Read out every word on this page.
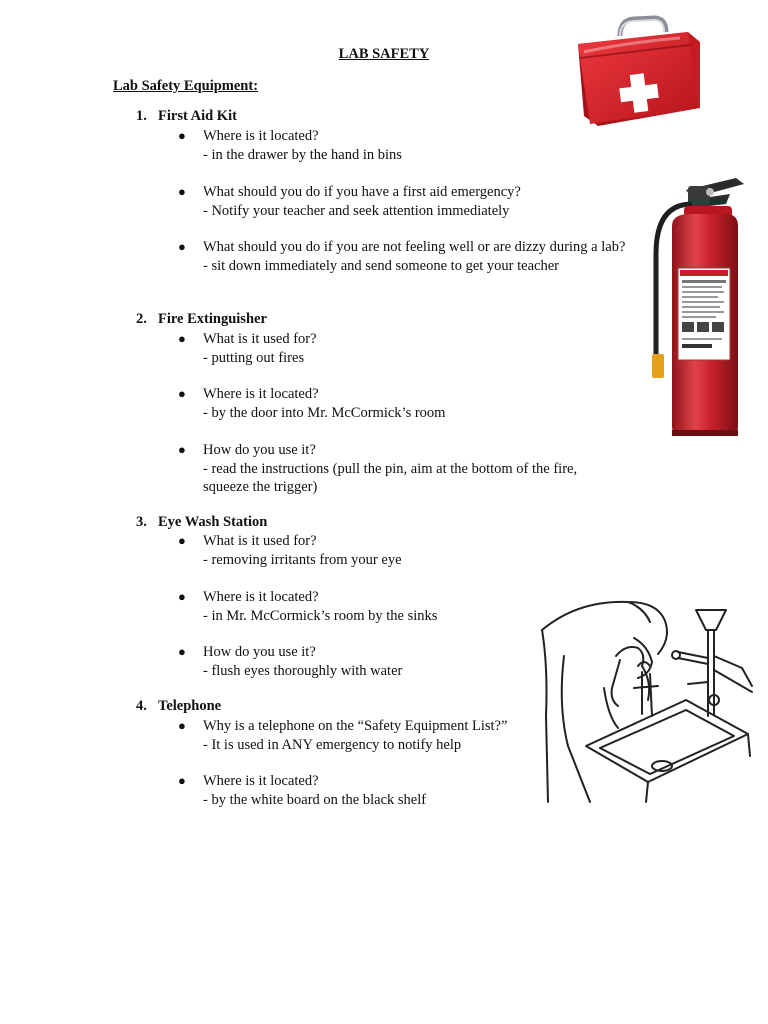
LAB SAFETY
Lab Safety Equipment:
1. First Aid Kit
●	Where is it located?
- in the drawer by the hand in bins
●	What should you do if you have a first aid emergency?
- Notify your teacher and seek attention immediately
●	What should you do if you are not feeling well or are dizzy during a lab?
- sit down immediately and send someone to get your teacher
2. Fire Extinguisher
●	What is it used for?
- putting out fires
●	Where is it located?
- by the door into Mr. McCormick’s room
●	How do you use it?
- read the instructions (pull the pin, aim at the bottom of the fire, squeeze the trigger)
3. Eye Wash Station
●	What is it used for?
- removing irritants from your eye
●	Where is it located?
- in Mr. McCormick’s room by the sinks
●	How do you use it?
- flush eyes thoroughly with water
4. Telephone
●	Why is a telephone on the “Safety Equipment List?”
- It is used in ANY emergency to notify help
●	Where is it located?
- by the white board on the black shelf
